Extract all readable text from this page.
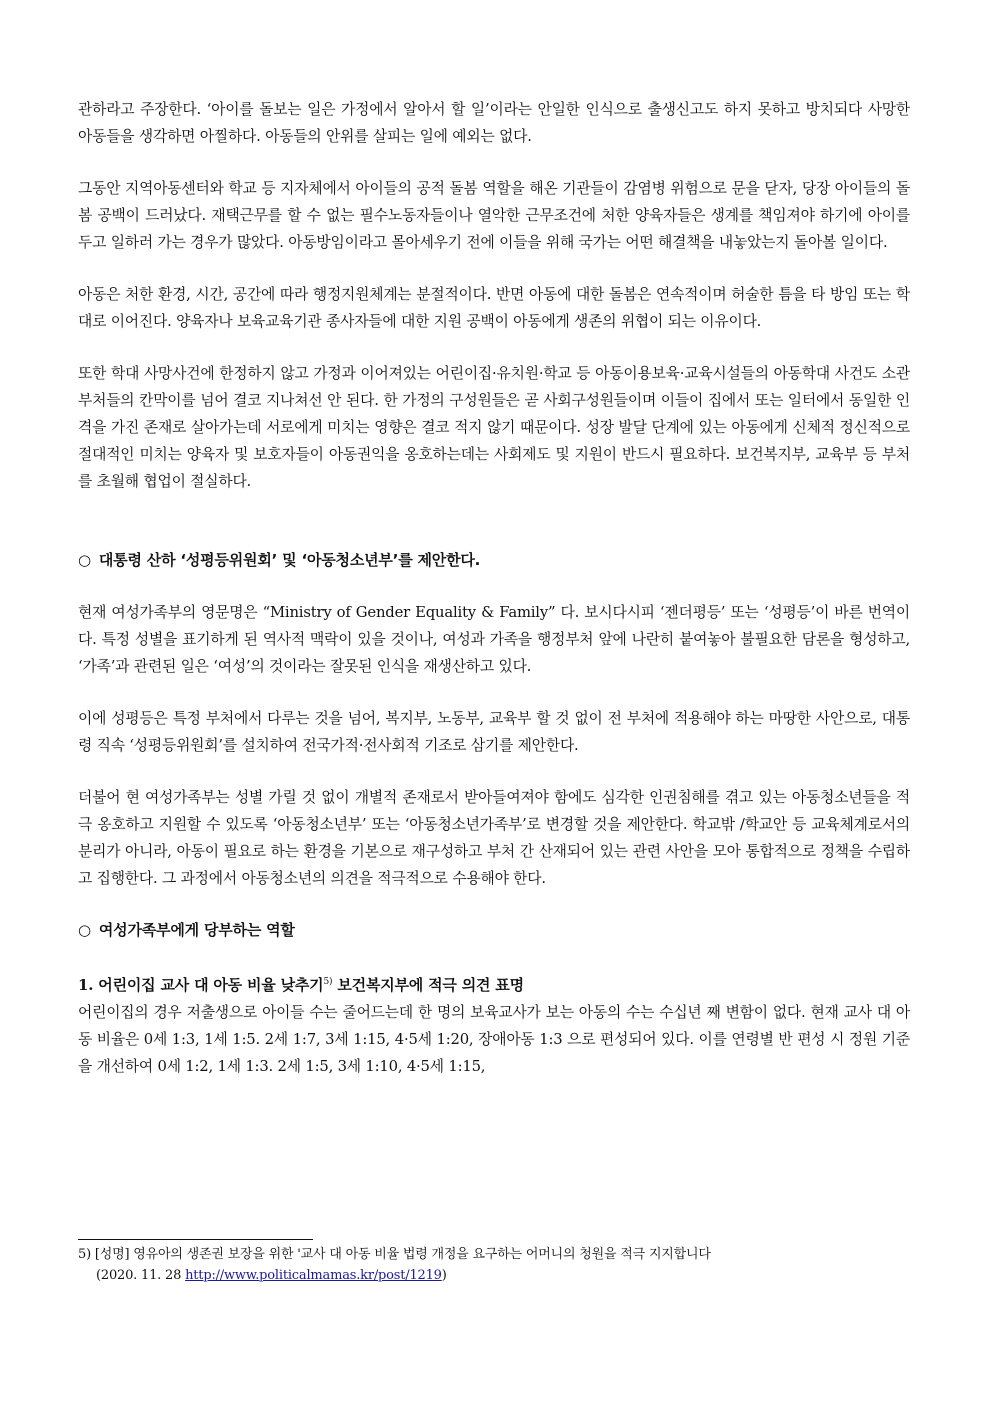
관하라고 주장한다. ‘아이를 돌보는 일은 가정에서 알아서 할 일’이라는 안일한 인식으로 출생신고도 하지 못하고 방치되다 사망한 아동들을 생각하면 아찔하다. 아동들의 안위를 살피는 일에 예외는 없다.

그동안 지역아동센터와 학교 등 지자체에서 아이들의 공적 돌봄 역할을 해온 기관들이 감염병 위험으로 문을 닫자, 당장 아이들의 돌봄 공백이 드러났다. 재택근무를 할 수 없는 필수노동자들이나 열악한 근무조건에 처한 양육자들은 생계를 책임져야 하기에 아이를 두고 일하러 가는 경우가 많았다. 아동방임이라고 몰아세우기 전에 이들을 위해 국가는 어떤 해결책을 내놓았는지 돌아볼 일이다.

아동은 처한 환경, 시간, 공간에 따라 행정지원체계는 분절적이다. 반면 아동에 대한 돌봄은 연속적이며 허술한 틈을 타 방임 또는 학대로 이어진다. 양육자나 보육교육기관 종사자들에 대한 지원 공백이 아동에게 생존의 위협이 되는 이유이다.

또한 학대 사망사건에 한정하지 않고 가정과 이어져있는 어린이집·유치원·학교 등 아동이용보육·교육시설들의 아동학대 사건도 소관부처들의 칸막이를 넘어 결코 지나쳐선 안 된다. 한 가정의 구성원들은 곧 사회구성원들이며 이들이 집에서 또는 일터에서 동일한 인격을 가진 존재로 살아가는데 서로에게 미치는 영향은 결코 적지 않기 때문이다. 성장 발달 단계에 있는 아동에게 신체적 정신적으로 절대적인 미치는 양육자 및 보호자들이 아동권익을 옹호하는데는 사회제도 및 지원이 반드시 필요하다. 보건복지부, 교육부 등 부처를 초월해 협업이 절실하다.

○ 대통령 산하 ‘성평등위원회’ 및 ‘아동청소년부’를 제안한다.

현재 여성가족부의 영문명은 “Ministry of Gender Equality & Family” 다. 보시다시피 ‘젠더평등’ 또는 ‘성평등’이 바른 번역이다. 특정 성별을 표기하게 된 역사적 맥락이 있을 것이나, 여성과 가족을 행정부처 앞에 나란히 붙여놓아 불필요한 담론을 형성하고, ‘가족’과 관련된 일은 ‘여성’의 것이라는 잘못된 인식을 재생산하고 있다.

이에 성평등은 특정 부처에서 다루는 것을 넘어, 복지부, 노동부, 교육부 할 것 없이 전 부처에 적용해야 하는 마땅한 사안으로, 대통령 직속 ‘성평등위원회’를 설치하여 전국가적·전사회적 기조로 삼기를 제안한다.

더불어 현 여성가족부는 성별 가릴 것 없이 개별적 존재로서 받아들여져야 함에도 심각한 인권침해를 겪고 있는 아동청소년들을 적극 옹호하고 지원할 수 있도록 ‘아동청소년부’ 또는 ‘아동청소년가족부’로 변경할 것을 제안한다. 학교밖 /학교안 등 교육체계로서의 분리가 아니라, 아동이 필요로 하는 환경을 기본으로 재구성하고 부처 간 산재되어 있는 관련 사안을 모아 통합적으로 정책을 수립하고 집행한다. 그 과정에서 아동청소년의 의견을 적극적으로 수용해야 한다.

○ 여성가족부에게 당부하는 역할
1. 어린이집 교사 대 아동 비율 낮추기$^{5)}$ 보건복지부에 적극 의견 표명

어린이집의 경우 저출생으로 아이들 수는 줄어드는데 한 명의 보육교사가 보는 아동의 수는 수십년 째 변함이 없다. 현재 교사 대 아동 비율은 0세 1:3, 1세 1:5. 2세 1:7, 3세 1:15, 4·5세 1:20, 장애아동 1:3 으로 편성되어 있다. 이를 연령별 반 편성 시 정원 기준을 개선하여 0세 1:2, 1세 1:3. 2세 1:5, 3세 1:10, 4·5세 1:15,

5) [성명] 영유아의 생존권 보장을 위한 '교사 대 아동 비율 법령 개정을 요구하는 어머니의 청원을 적극 지지합니다
(2020. 11. 28 http://www.politicalmamas.kr/post/1219)
